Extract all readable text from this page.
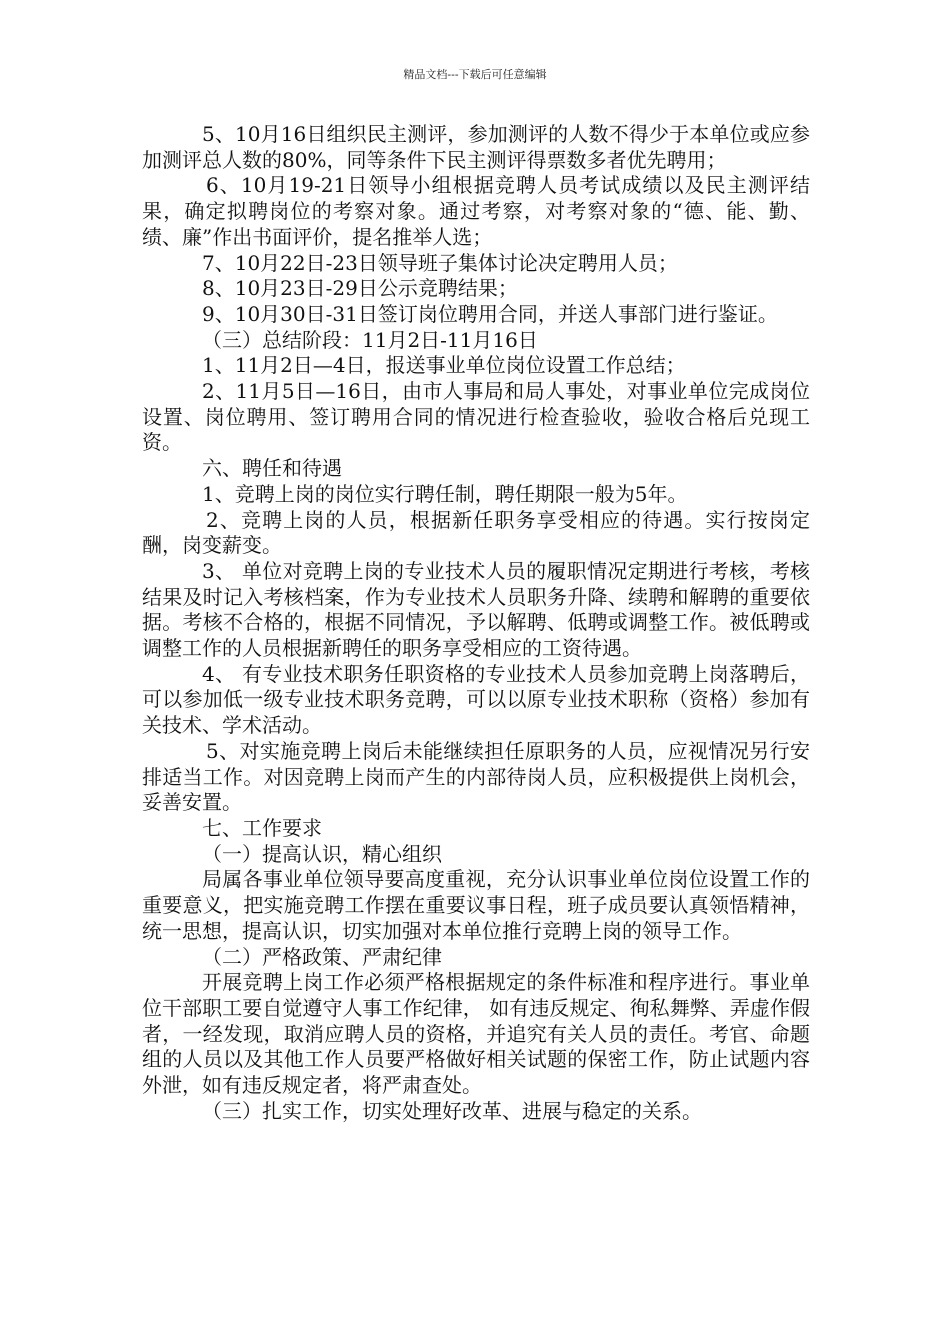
精品文档---下载后可任意编辑

5、10月16日组织民主测评，参加测评的人数不得少于本单位或应参加测评总人数的80%，同等条件下民主测评得票数多者优先聘用；

6、10月19-21日领导小组根据竞聘人员考试成绩以及民主测评结果，确定拟聘岗位的考察对象。通过考察，对考察对象的“德、能、勤、绩、廉”作出书面评价，提名推举人选；

7、10月22日-23日领导班子集体讨论决定聘用人员；

8、10月23日-29日公示竞聘结果；

9、10月30日-31日签订岗位聘用合同，并送人事部门进行鉴证。

（三）总结阶段：11月2日-11月16日

1、11月2日—4日，报送事业单位岗位设置工作总结；

2、11月5日—16日，由市人事局和局人事处，对事业单位完成岗位设置、岗位聘用、签订聘用合同的情况进行检查验收，验收合格后兑现工资。

六、聘任和待遇

1、竞聘上岗的岗位实行聘任制，聘任期限一般为5年。

2、竞聘上岗的人员，根据新任职务享受相应的待遇。实行按岗定酬，岗变薪变。

3、 单位对竞聘上岗的专业技术人员的履职情况定期进行考核，考核结果及时记入考核档案，作为专业技术人员职务升降、续聘和解聘的重要依据。考核不合格的，根据不同情况，予以解聘、低聘或调整工作。被低聘或调整工作的人员根据新聘任的职务享受相应的工资待遇。

4、 有专业技术职务任职资格的专业技术人员参加竞聘上岗落聘后，可以参加低一级专业技术职务竞聘，可以以原专业技术职称（资格）参加有关技术、学术活动。

5、对实施竞聘上岗后未能继续担任原职务的人员，应视情况另行安排适当工作。对因竞聘上岗而产生的内部待岗人员，应积极提供上岗机会，妥善安置。

七、工作要求

（一）提高认识，精心组织

局属各事业单位领导要高度重视，充分认识事业单位岗位设置工作的重要意义，把实施竞聘工作摆在重要议事日程，班子成员要认真领悟精神，统一思想，提高认识，切实加强对本单位推行竞聘上岗的领导工作。

（二）严格政策、严肃纪律

开展竞聘上岗工作必须严格根据规定的条件标准和程序进行。事业单位干部职工要自觉遵守人事工作纪律， 如有违反规定、徇私舞弊、弄虚作假者，一经发现，取消应聘人员的资格，并追究有关人员的责任。考官、命题组的人员以及其他工作人员要严格做好相关试题的保密工作，防止试题内容外泄，如有违反规定者，将严肃查处。

（三）扎实工作，切实处理好改革、进展与稳定的关系。
